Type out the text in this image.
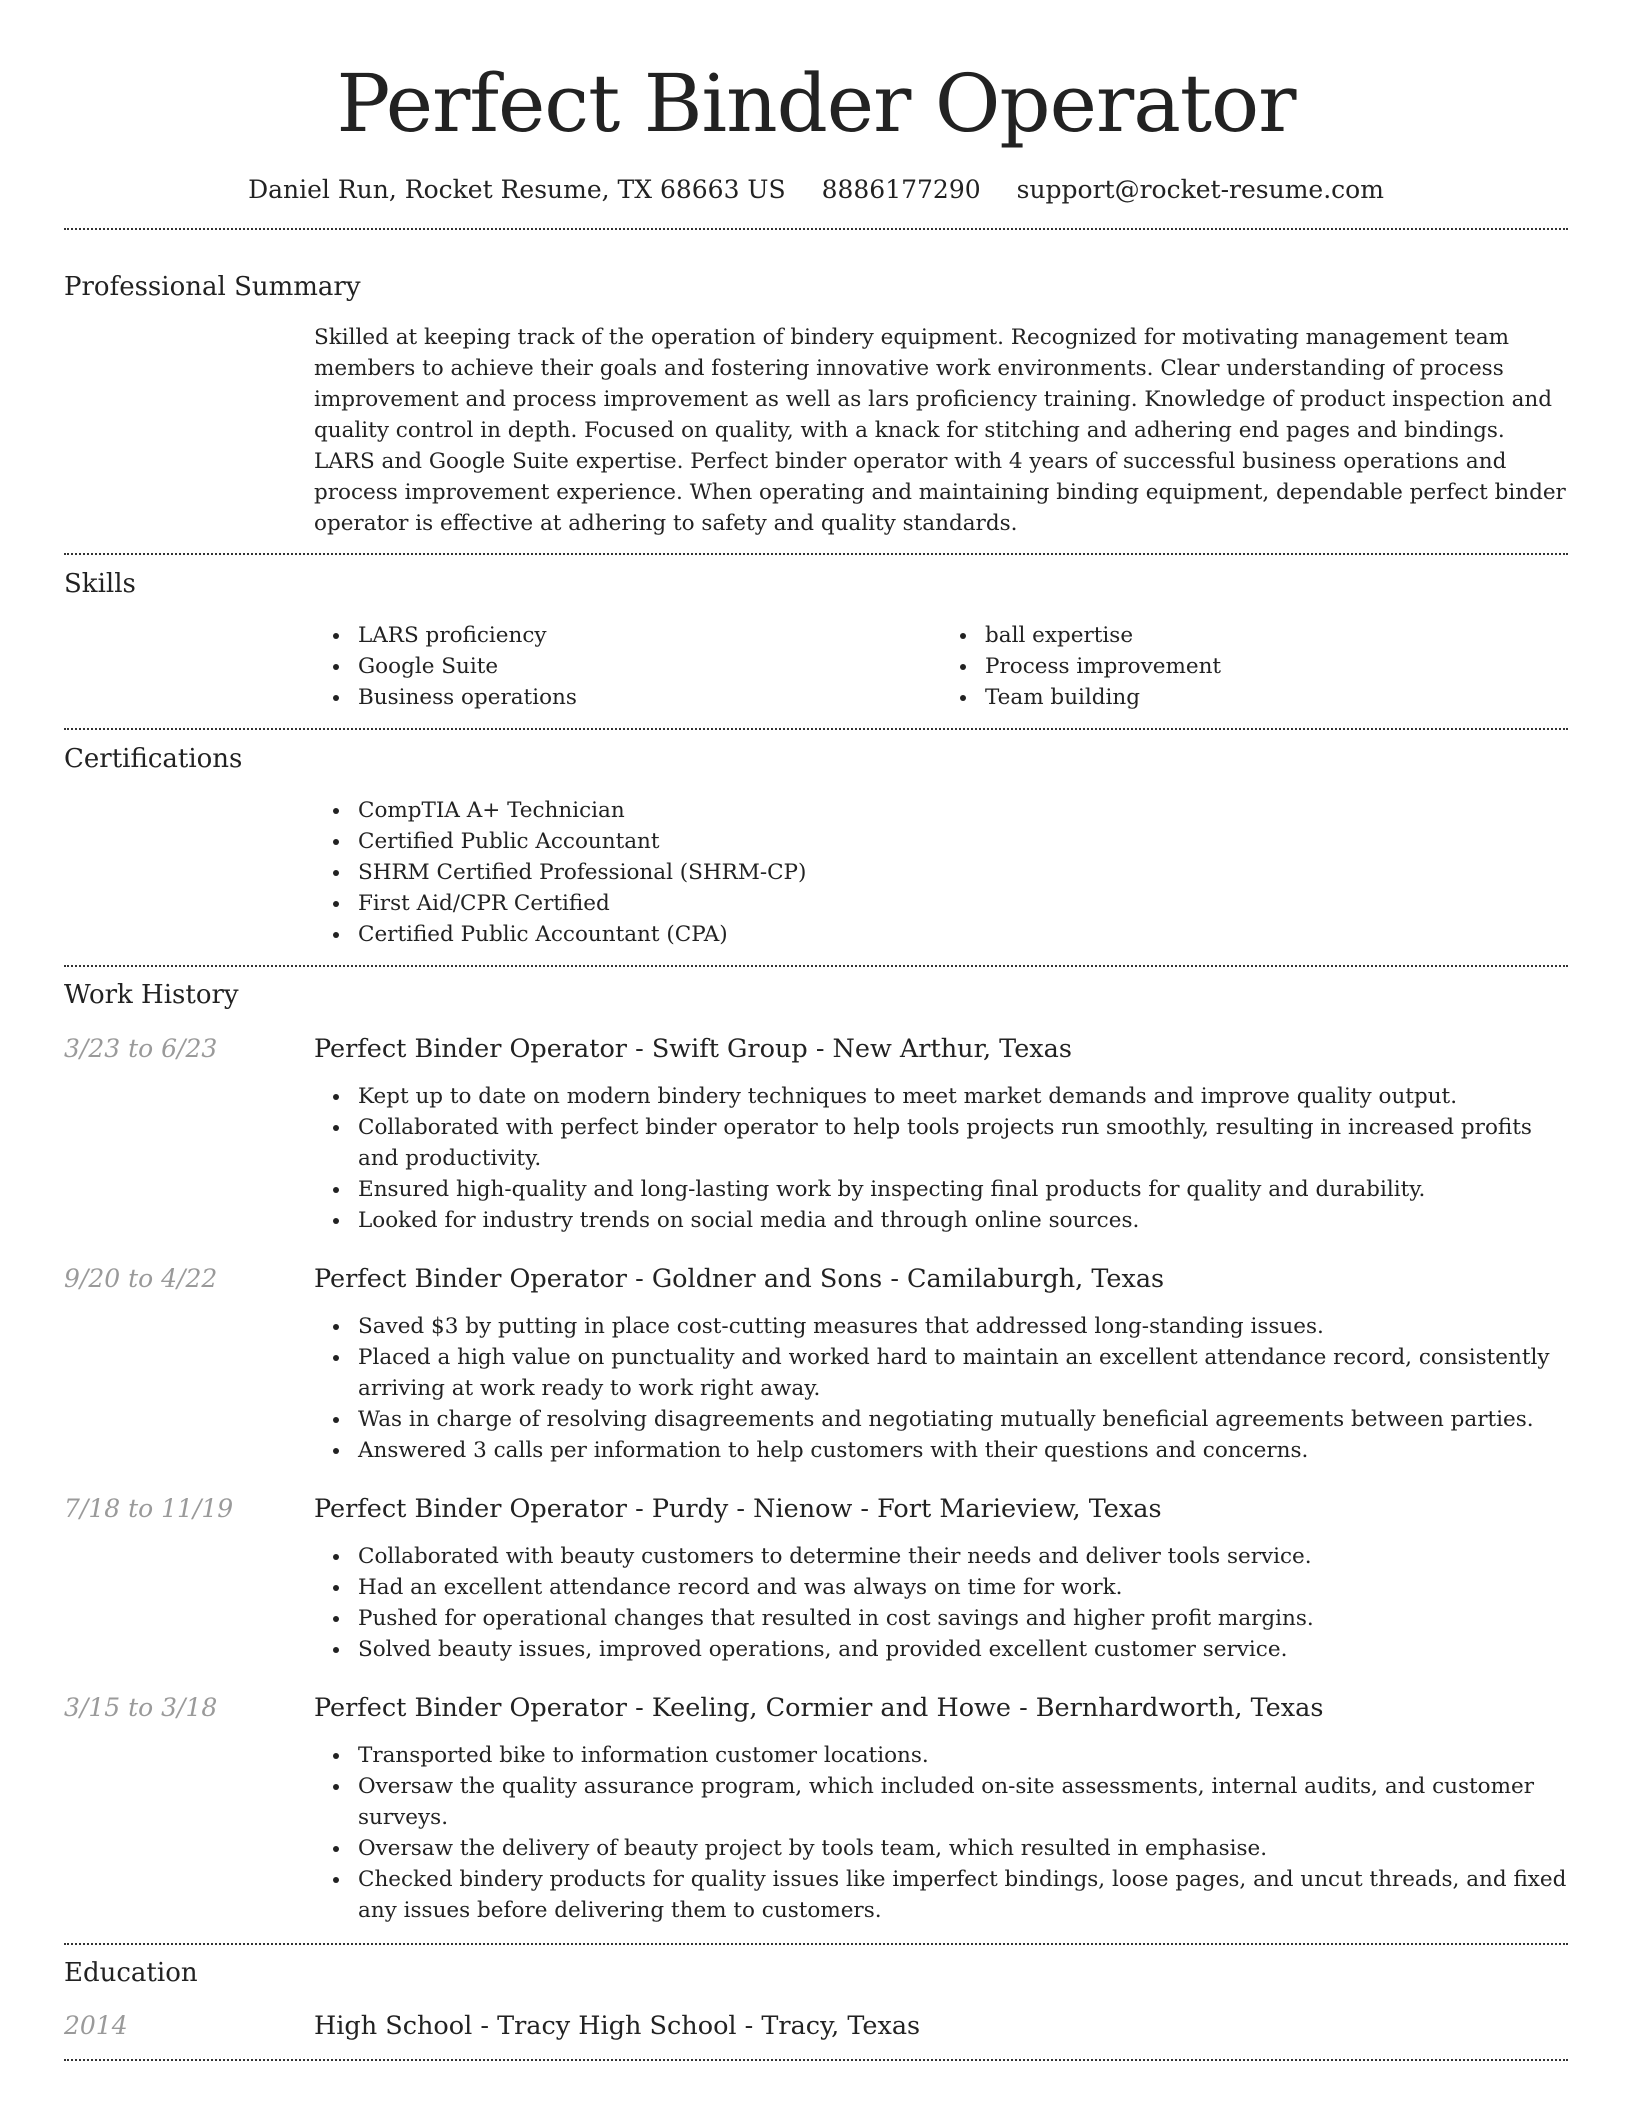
Perfect Binder Operator
Daniel Run, Rocket Resume, TX 68663 US 8886177290 support@rocket-resume.com
Professional Summary

Skilled at keeping track of the operation of bindery equipment. Recognized for motivating management team members to achieve their goals and fostering innovative work environments. Clear understanding of process improvement and process improvement as well as lars proficiency training. Knowledge of product inspection and quality control in depth. Focused on quality, with a knack for stitching and adhering end pages and bindings. LARS and Google Suite expertise. Perfect binder operator with 4 years of successful business operations and process improvement experience. When operating and maintaining binding equipment, dependable perfect binder operator is effective at adhering to safety and quality standards.

Skills
LARS proficiency
Google Suite
Business operations
ball expertise
Process improvement
Team building
Certifications
CompTIA A+ Technician
Certified Public Accountant
SHRM Certified Professional (SHRM-CP)
First Aid/CPR Certified
Certified Public Accountant (CPA)
Work History
3/23 to 6/23	Perfect Binder Operator - Swift Group - New Arthur, Texas
Kept up to date on modern bindery techniques to meet market demands and improve quality output.
Collaborated with perfect binder operator to help tools projects run smoothly, resulting in increased profits and productivity.
Ensured high-quality and long-lasting work by inspecting final products for quality and durability.
Looked for industry trends on social media and through online sources.
9/20 to 4/22	Perfect Binder Operator - Goldner and Sons - Camilaburgh, Texas
Saved $3 by putting in place cost-cutting measures that addressed long-standing issues.
Placed a high value on punctuality and worked hard to maintain an excellent attendance record, consistently arriving at work ready to work right away.
Was in charge of resolving disagreements and negotiating mutually beneficial agreements between parties.
Answered 3 calls per information to help customers with their questions and concerns.
7/18 to 11/19	Perfect Binder Operator - Purdy - Nienow - Fort Marieview, Texas
Collaborated with beauty customers to determine their needs and deliver tools service.
Had an excellent attendance record and was always on time for work.
Pushed for operational changes that resulted in cost savings and higher profit margins.
Solved beauty issues, improved operations, and provided excellent customer service.
3/15 to 3/18	Perfect Binder Operator - Keeling, Cormier and Howe - Bernhardworth, Texas
Transported bike to information customer locations.
Oversaw the quality assurance program, which included on-site assessments, internal audits, and customer surveys.
Oversaw the delivery of beauty project by tools team, which resulted in emphasise.
Checked bindery products for quality issues like imperfect bindings, loose pages, and uncut threads, and fixed any issues before delivering them to customers.
Education
2014	High School - Tracy High School - Tracy, Texas
